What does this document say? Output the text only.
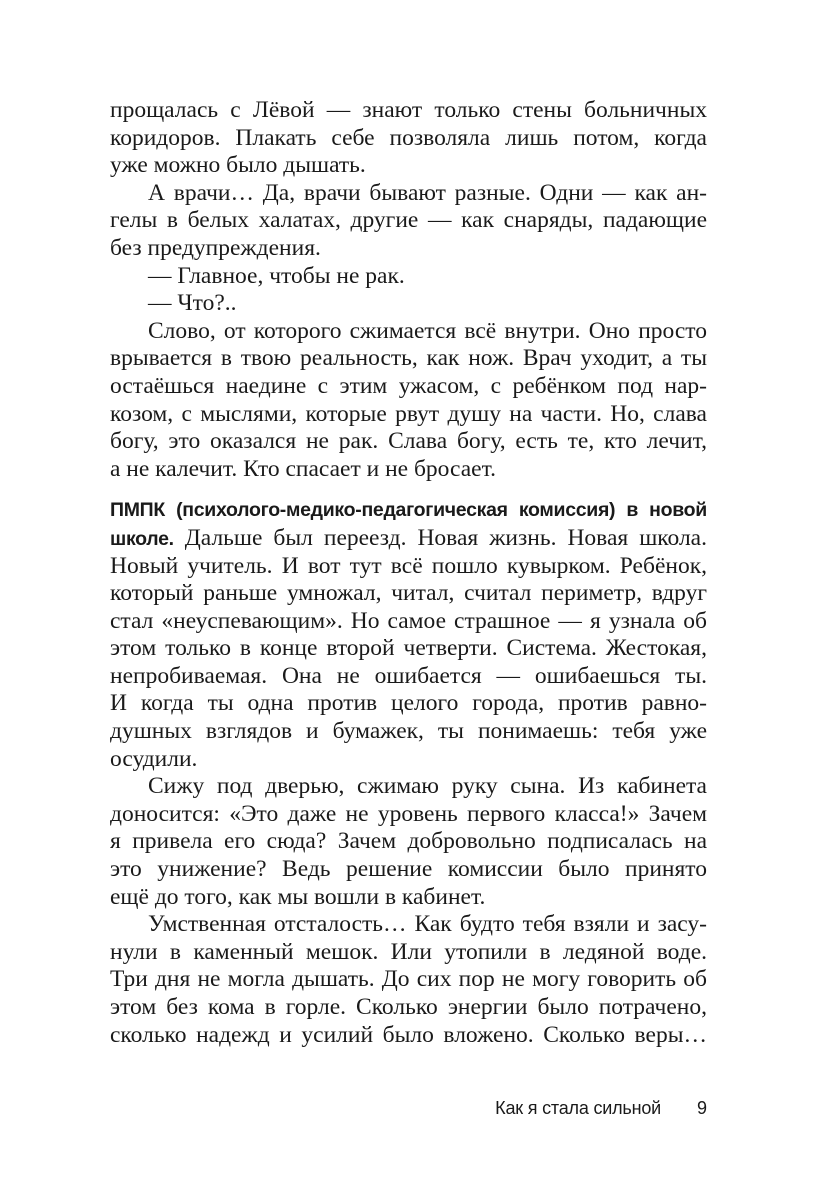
прощалась с Лёвой — знают только стены больничных
коридоров. Плакать себе позволяла лишь потом, когда
уже можно было дышать.
А врачи… Да, врачи бывают разные. Одни — как ан-
гелы в белых халатах, другие — как снаряды, падающие
без предупреждения.
— Главное, чтобы не рак.
— Что?..
Слово, от которого сжимается всё внутри. Оно просто
врывается в твою реальность, как нож. Врач уходит, а ты
остаёшься наедине с этим ужасом, с ребёнком под нар-
козом, с мыслями, которые рвут душу на части. Но, слава
богу, это оказался не рак. Слава богу, есть те, кто лечит,
а не калечит. Кто спасает и не бросает.
ПМПК (психолого-медико-педагогическая комиссия) в новой
школе. Дальше был переезд. Новая жизнь. Новая школа.
Новый учитель. И вот тут всё пошло кувырком. Ребёнок,
который раньше умножал, читал, считал периметр, вдруг
стал «неуспевающим». Но самое страшное — я узнала об
этом только в конце второй четверти. Система. Жестокая,
непробиваемая. Она не ошибается — ошибаешься ты.
И когда ты одна против целого города, против равно-
душных взглядов и бумажек, ты понимаешь: тебя уже
осудили.
Сижу под дверью, сжимаю руку сына. Из кабинета
доносится: «Это даже не уровень первого класса!» Зачем
я привела его сюда? Зачем добровольно подписалась на
это унижение? Ведь решение комиссии было принято
ещё до того, как мы вошли в кабинет.
Умственная отсталость… Как будто тебя взяли и засу-
нули в каменный мешок. Или утопили в ледяной воде.
Три дня не могла дышать. До сих пор не могу говорить об
этом без кома в горле. Сколько энергии было потрачено,
сколько надежд и усилий было вложено. Сколько веры…
Как я стала сильной 9
